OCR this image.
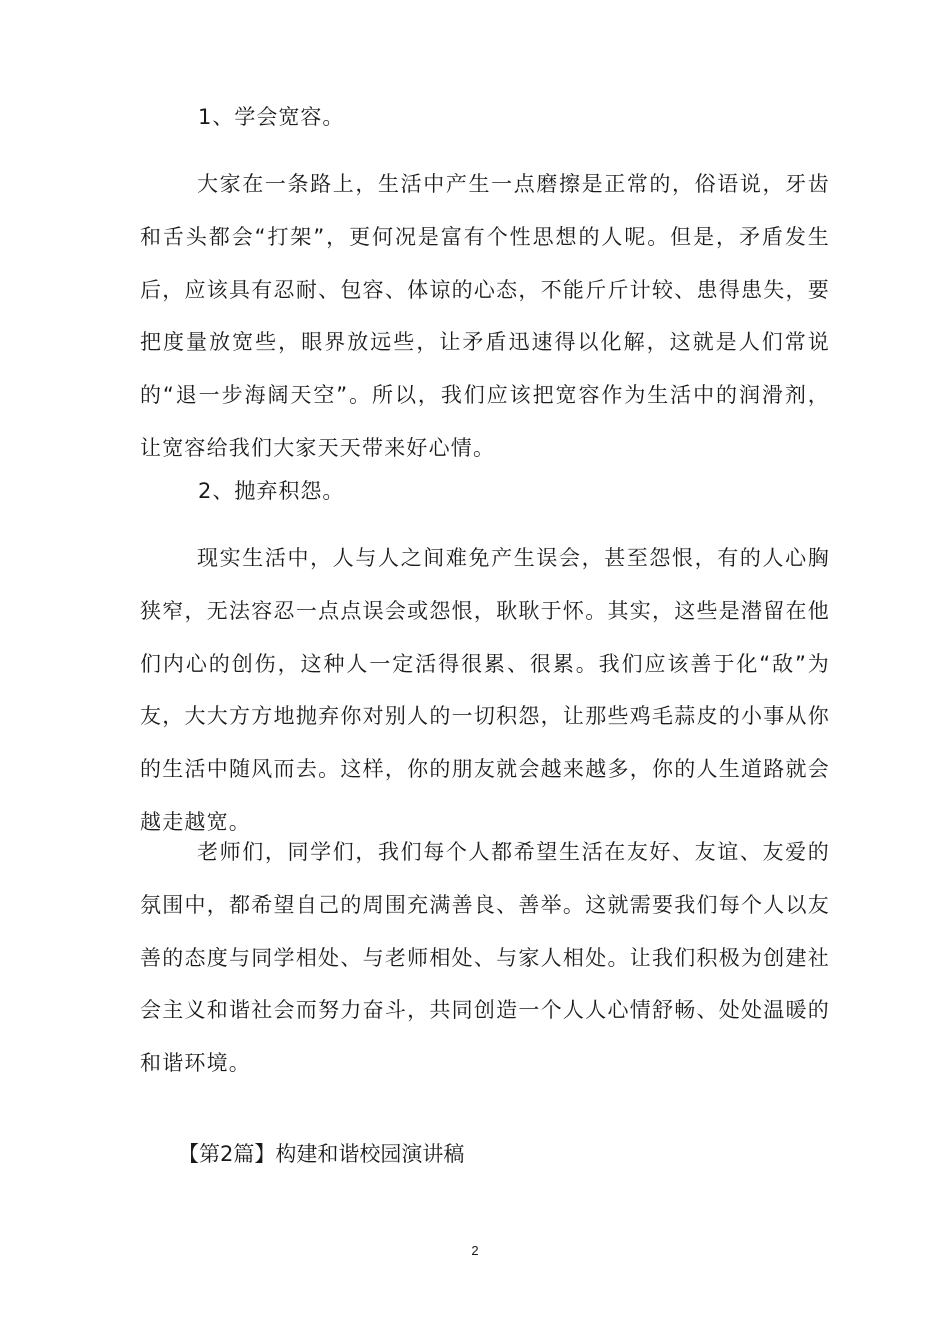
1、学会宽容。

大家在一条路上，生活中产生一点磨擦是正常的，俗语说，牙齿和舌头都会“打架”，更何况是富有个性思想的人呢。但是，矛盾发生后，应该具有忍耐、包容、体谅的心态，不能斤斤计较、患得患失，要把度量放宽些，眼界放远些，让矛盾迅速得以化解，这就是人们常说的“退一步海阔天空”。所以，我们应该把宽容作为生活中的润滑剂，让宽容给我们大家天天带来好心情。

2、抛弃积怨。

现实生活中，人与人之间难免产生误会，甚至怨恨，有的人心胸狭窄，无法容忍一点点误会或怨恨，耿耿于怀。其实，这些是潜留在他们内心的创伤，这种人一定活得很累、很累。我们应该善于化“敌”为友，大大方方地抛弃你对别人的一切积怨，让那些鸡毛蒜皮的小事从你的生活中随风而去。这样，你的朋友就会越来越多，你的人生道路就会越走越宽。

老师们，同学们，我们每个人都希望生活在友好、友谊、友爱的氛围中，都希望自己的周围充满善良、善举。这就需要我们每个人以友善的态度与同学相处、与老师相处、与家人相处。让我们积极为创建社会主义和谐社会而努力奋斗，共同创造一个人人心情舒畅、处处温暖的和谐环境。

【第2篇】构建和谐校园演讲稿
2
